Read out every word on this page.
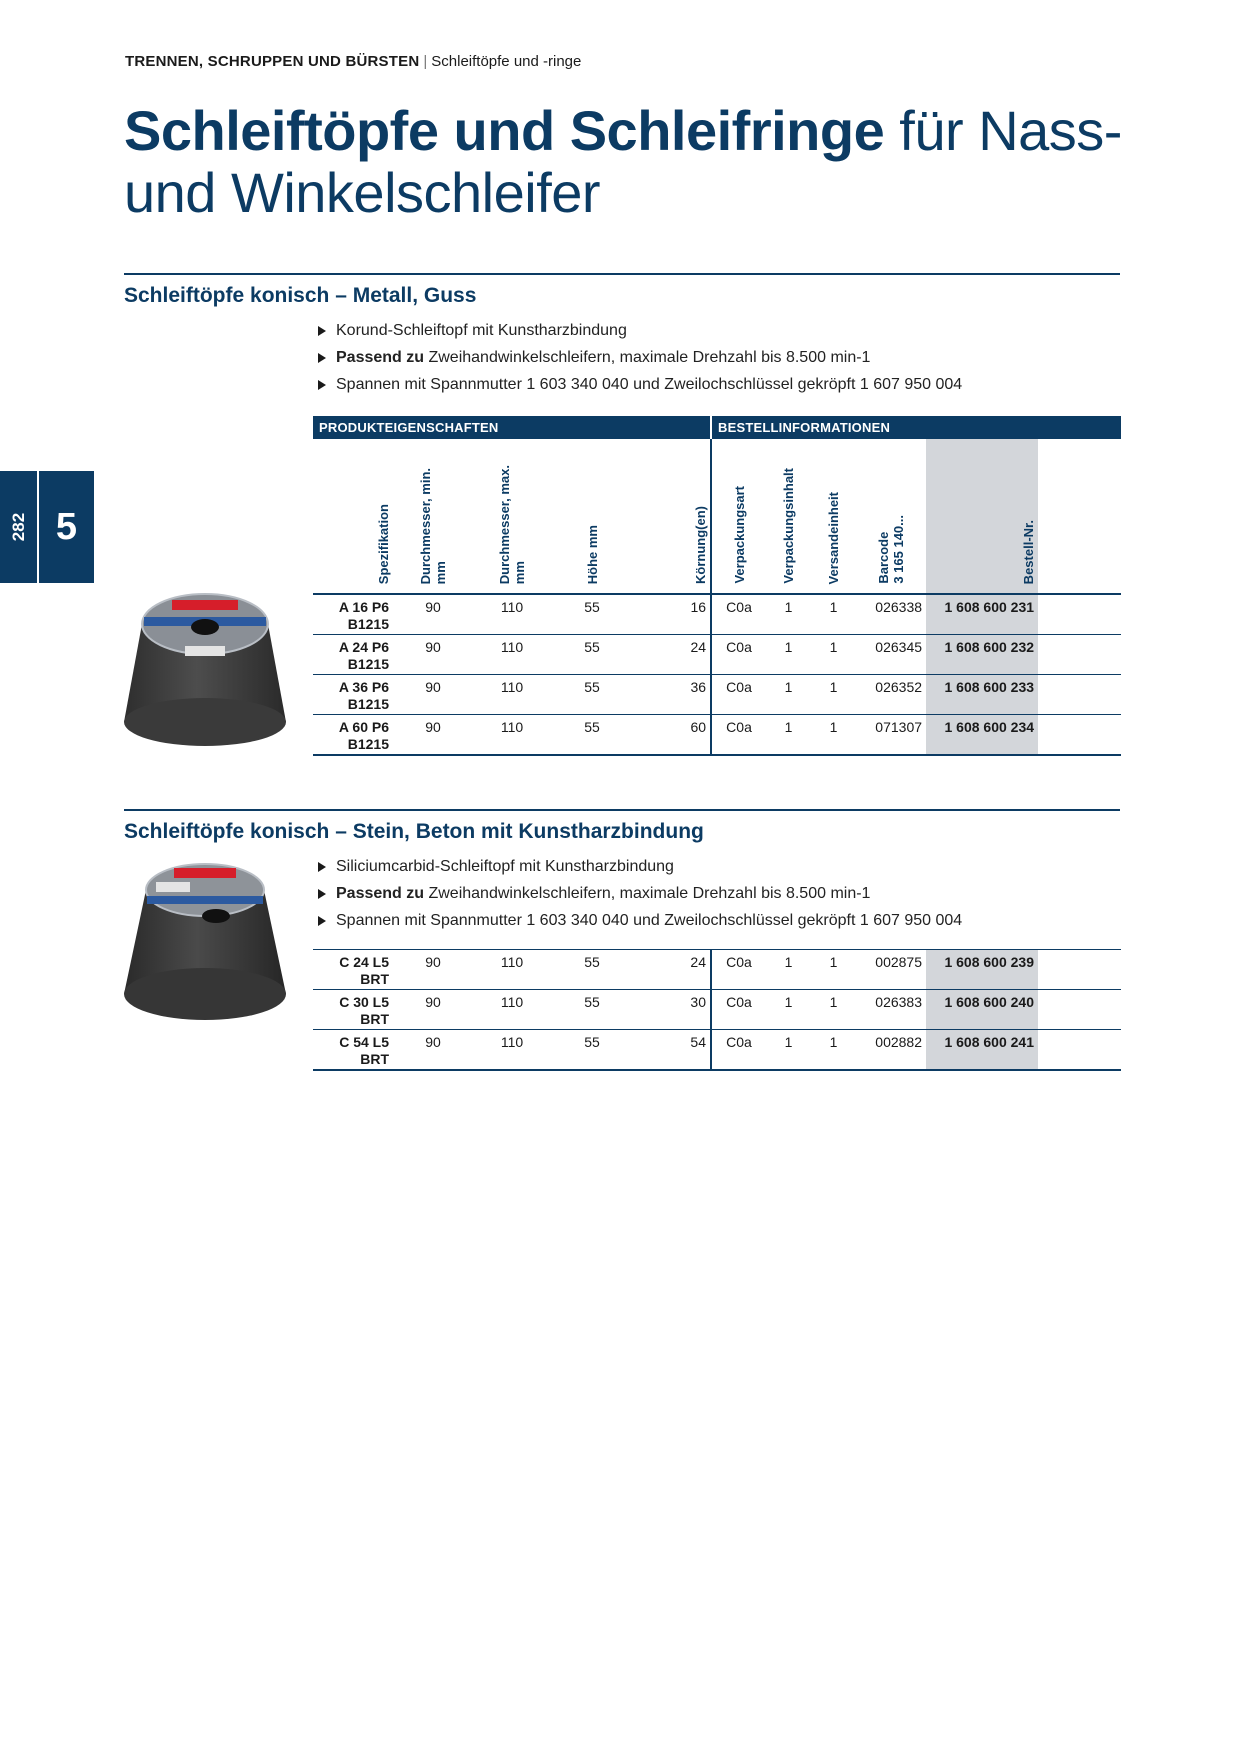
TRENNEN, SCHRUPPEN UND BÜRSTEN | Schleiftöpfe und -ringe
Schleiftöpfe und Schleifringe für Nass-
und Winkelschleifer
282 5
Schleiftöpfe konisch – Metall, Guss
Korund-Schleiftopf mit Kunstharzbindung
Passend zu Zweihandwinkelschleifern, maximale Drehzahl bis 8.500 min-1
Spannen mit Spannmutter 1 603 340 040 und Zweilochschlüssel gekröpft 1 607 950 004
PRODUKTEIGENSCHAFTEN					BESTELLINFORMATIONEN					
Spezifikation	Durchmesser, min.
mm	Durchmesser, max.
mm	Höhe mm	Körnung(en)	Verpackungsart	Verpackungsinhalt	Versandeinheit	Barcode
3 165 140...	Bestell-Nr.	
A 16 P6
B1215	90	110	55	16	C0a	1	1	026338	1 608 600 231	
A 24 P6
B1215	90	110	55	24	C0a	1	1	026345	1 608 600 232	
A 36 P6
B1215	90	110	55	36	C0a	1	1	026352	1 608 600 233	
A 60 P6
B1215	90	110	55	60	C0a	1	1	071307	1 608 600 234	
Schleiftöpfe konisch – Stein, Beton mit Kunstharzbindung
Siliciumcarbid-Schleiftopf mit Kunstharzbindung
Passend zu Zweihandwinkelschleifern, maximale Drehzahl bis 8.500 min-1
Spannen mit Spannmutter 1 603 340 040 und Zweilochschlüssel gekröpft 1 607 950 004
C 24 L5
BRT	90	110	55	24	C0a	1	1	002875	1 608 600 239	
C 30 L5
BRT	90	110	55	30	C0a	1	1	026383	1 608 600 240	
C 54 L5
BRT	90	110	55	54	C0a	1	1	002882	1 608 600 241	
